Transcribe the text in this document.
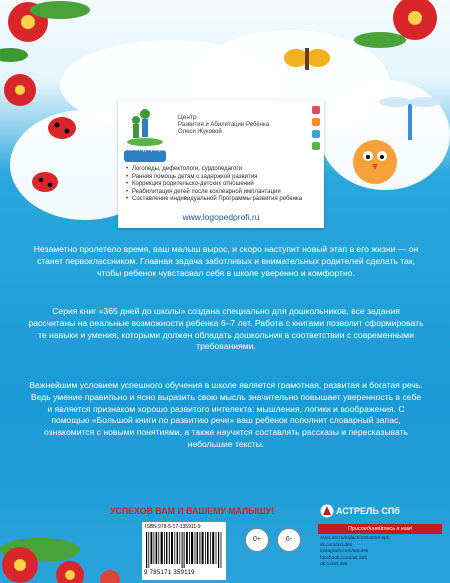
Логопед профи
Центр
Развития и Абилитации Ребёнка
Олеси Жуковой
• Логопеды, дефектологи, сурдопедагоги
• Ранняя помощь детям с задержкой развития
• Коррекция родительско-детских отношений
• Реабилитация детей после кохлеарной имплантации
• Составление индивидуальной Программы развития ребенка
www.logopedprofi.ru
Незаметно пролетело время, ваш малыш вырос, и скоро наступит новый этап в его жизни — он станет первоклассником. Главная задача заботливых и внимательных родителей сделать так, чтобы ребенок чувствовал себя в школе уверенно и комфортно.
Серия книг «365 дней до школы» создана специально для дошкольников, все задания рассчитаны на реальные возможности ребенка 6–7 лет. Работа с книгами позволит сформировать те навыки и умения, которыми должен обладать дошкольник в соответствии с современными требованиями.
Важнейшим условием успешного обучения в школе является грамотная, развитая и богатая речь. Ведь умение правильно и ясно выразить свою мысль значительно повышает уверенность в себе и является признаком хорошо развитого интелекта: мышления, логики и воображения. С помощью «Большой книги по развитию речи» ваш ребенок пополнит словарный запас, ознакомится с новыми понятиями, а также научится составлять рассказы и пересказывать небольшие тексты.
УСПЕХОВ ВАМ И ВАШЕМУ МАЛЫШУ!
ISBN 978-5-17-135911-9
9 785171 359119
0+	6-
АСТРЕЛЬ СПб
Присоединяйтесь к нам!
www.ast.ru/redactions/astrel-spb
vk.com/ast.deti
instagram.com/ast.deti
facebook.com/ast.deti
ok.ru/ast.deti
